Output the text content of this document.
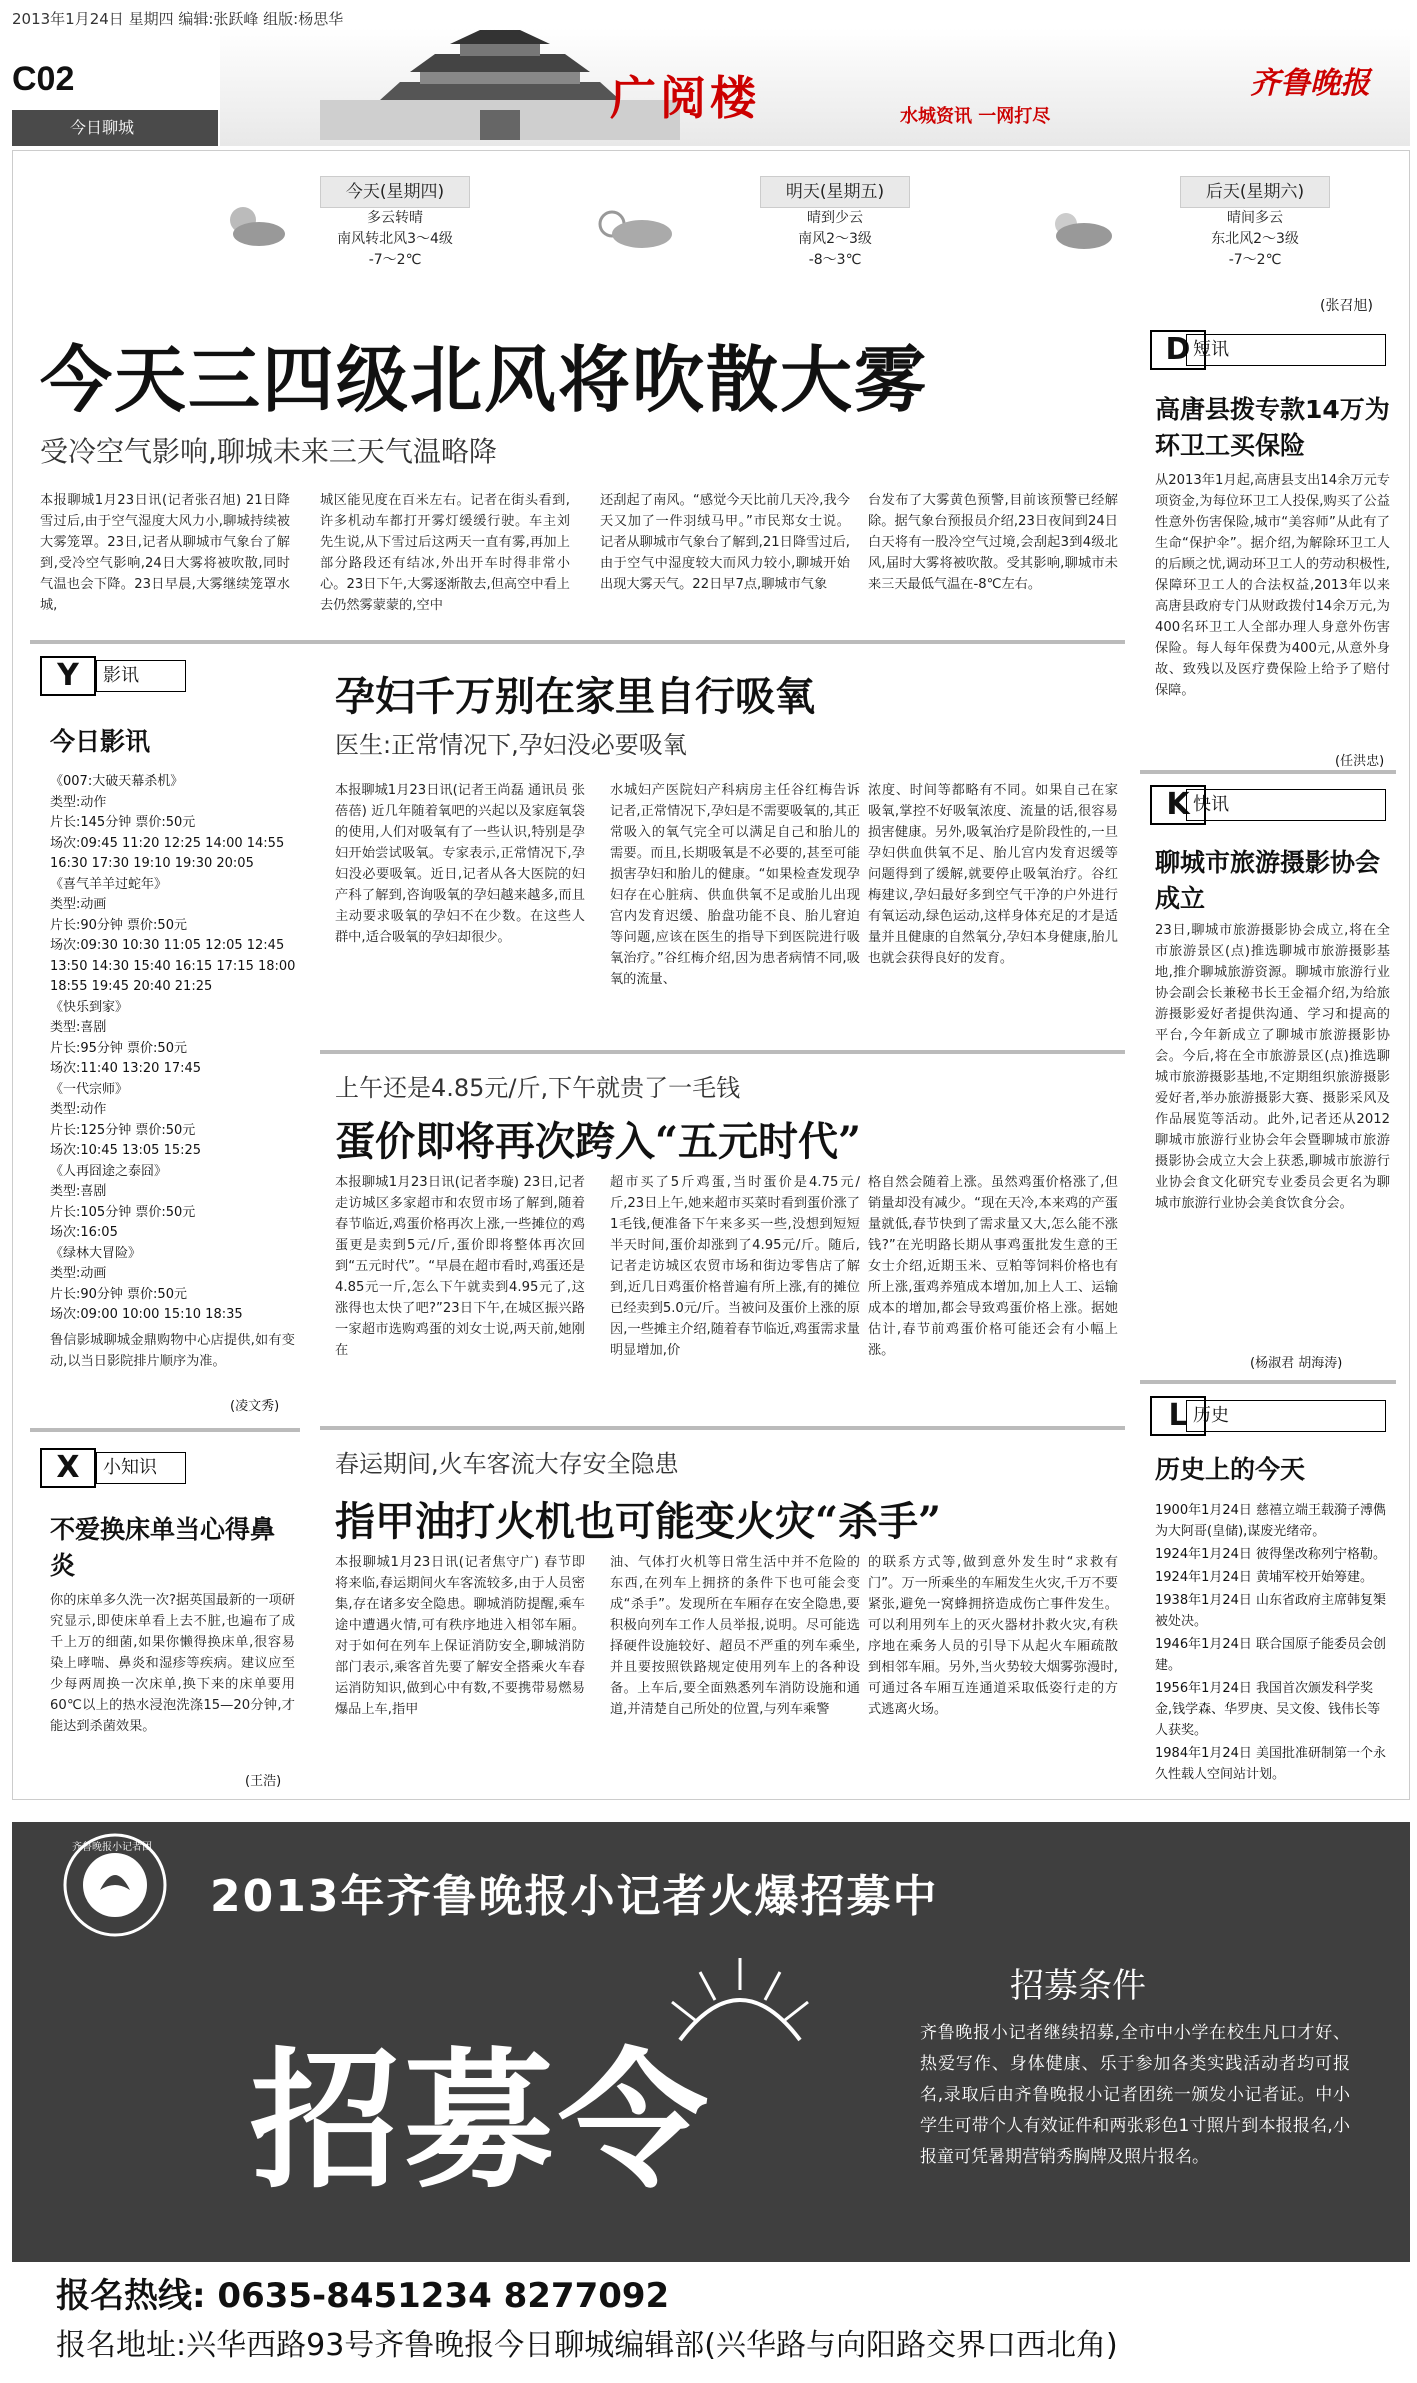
2013年1月24日 星期四 编辑:张跃峰 组版:杨思华
C02
今日聊城
广阅楼	水城资讯 一网打尽
齐鲁晚报
今天(星期四)
多云转晴
南风转北风3～4级
-7～2℃
明天(星期五)
晴到少云
南风2～3级
-8～3℃
后天(星期六)
晴间多云
东北风2～3级
-7～2℃
(张召旭)
今天三四级北风将吹散大雾
受冷空气影响,聊城未来三天气温略降
本报聊城1月23日讯(记者张召旭) 21日降雪过后,由于空气湿度大风力小,聊城持续被大雾笼罩。23日,记者从聊城市气象台了解到,受冷空气影响,24日大雾将被吹散,同时气温也会下降。23日早晨,大雾继续笼罩水城,
城区能见度在百米左右。记者在街头看到,许多机动车都打开雾灯缓缓行驶。车主刘先生说,从下雪过后这两天一直有雾,再加上部分路段还有结冰,外出开车时得非常小心。23日下午,大雾逐渐散去,但高空中看上去仍然雾蒙蒙的,空中
还刮起了南风。“感觉今天比前几天冷,我今天又加了一件羽绒马甲。”市民郑女士说。记者从聊城市气象台了解到,21日降雪过后,由于空气中湿度较大而风力较小,聊城开始出现大雾天气。22日早7点,聊城市气象
台发布了大雾黄色预警,目前该预警已经解除。据气象台预报员介绍,23日夜间到24日白天将有一股冷空气过境,会刮起3到4级北风,届时大雾将被吹散。受其影响,聊城市未来三天最低气温在-8℃左右。
Y	影讯
今日影讯
《007:大破天幕杀机》
类型:动作
片长:145分钟 票价:50元
场次:09:45 11:20 12:25 14:00 14:55
16:30 17:30 19:10 19:30 20:05
《喜气羊羊过蛇年》
类型:动画
片长:90分钟 票价:50元
场次:09:30 10:30 11:05 12:05 12:45
13:50 14:30 15:40 16:15 17:15 18:00
18:55 19:45 20:40 21:25
《快乐到家》
类型:喜剧
片长:95分钟 票价:50元
场次:11:40 13:20 17:45
《一代宗师》
类型:动作
片长:125分钟 票价:50元
场次:10:45 13:05 15:25
《人再囧途之泰囧》
类型:喜剧
片长:105分钟 票价:50元
场次:16:05
《绿林大冒险》
类型:动画
片长:90分钟 票价:50元
场次:09:00 10:00 15:10 18:35
鲁信影城聊城金鼎购物中心店提供,如有变动,以当日影院排片顺序为准。
(凌文秀)
X	小知识
不爱换床单当心得鼻炎
你的床单多久洗一次?据英国最新的一项研究显示,即使床单看上去不脏,也遍布了成千上万的细菌,如果你懒得换床单,很容易染上哮喘、鼻炎和湿疹等疾病。建议应至少每两周换一次床单,换下来的床单要用60℃以上的热水浸泡洗涤15—20分钟,才能达到杀菌效果。
(王浩)
孕妇千万别在家里自行吸氧
医生:正常情况下,孕妇没必要吸氧
本报聊城1月23日讯(记者王尚磊 通讯员 张蓓蓓) 近几年随着氧吧的兴起以及家庭氧袋的使用,人们对吸氧有了一些认识,特别是孕妇开始尝试吸氧。专家表示,正常情况下,孕妇没必要吸氧。近日,记者从各大医院的妇产科了解到,咨询吸氧的孕妇越来越多,而且主动要求吸氧的孕妇不在少数。在这些人群中,适合吸氧的孕妇却很少。
水城妇产医院妇产科病房主任谷红梅告诉记者,正常情况下,孕妇是不需要吸氧的,其正常吸入的氧气完全可以满足自己和胎儿的需要。而且,长期吸氧是不必要的,甚至可能损害孕妇和胎儿的健康。“如果检查发现孕妇存在心脏病、供血供氧不足或胎儿出现宫内发育迟缓、胎盘功能不良、胎儿窘迫等问题,应该在医生的指导下到医院进行吸氧治疗。”谷红梅介绍,因为患者病情不同,吸氧的流量、
浓度、时间等都略有不同。如果自己在家吸氧,掌控不好吸氧浓度、流量的话,很容易损害健康。另外,吸氧治疗是阶段性的,一旦孕妇供血供氧不足、胎儿宫内发育迟缓等问题得到了缓解,就要停止吸氧治疗。谷红梅建议,孕妇最好多到空气干净的户外进行有氧运动,绿色运动,这样身体充足的才是适量并且健康的自然氧分,孕妇本身健康,胎儿也就会获得良好的发育。
上午还是4.85元/斤,下午就贵了一毛钱
蛋价即将再次跨入“五元时代”
本报聊城1月23日讯(记者李璇) 23日,记者走访城区多家超市和农贸市场了解到,随着春节临近,鸡蛋价格再次上涨,一些摊位的鸡蛋更是卖到5元/斤,蛋价即将整体再次回到“五元时代”。“早晨在超市看时,鸡蛋还是4.85元一斤,怎么下午就卖到4.95元了,这涨得也太快了吧?”23日下午,在城区振兴路一家超市选购鸡蛋的刘女士说,两天前,她刚在
超市买了5斤鸡蛋,当时蛋价是4.75元/斤,23日上午,她来超市买菜时看到蛋价涨了1毛钱,便准备下午来多买一些,没想到短短半天时间,蛋价却涨到了4.95元/斤。随后,记者走访城区农贸市场和街边零售店了解到,近几日鸡蛋价格普遍有所上涨,有的摊位已经卖到5.0元/斤。当被问及蛋价上涨的原因,一些摊主介绍,随着春节临近,鸡蛋需求量明显增加,价
格自然会随着上涨。虽然鸡蛋价格涨了,但销量却没有减少。“现在天冷,本来鸡的产蛋量就低,春节快到了需求量又大,怎么能不涨钱?”在光明路长期从事鸡蛋批发生意的王女士介绍,近期玉米、豆粕等饲料价格也有所上涨,蛋鸡养殖成本增加,加上人工、运输成本的增加,都会导致鸡蛋价格上涨。据她估计,春节前鸡蛋价格可能还会有小幅上涨。
春运期间,火车客流大存安全隐患
指甲油打火机也可能变火灾“杀手”
本报聊城1月23日讯(记者焦守广) 春节即将来临,春运期间火车客流较多,由于人员密集,存在诸多安全隐患。聊城消防提醒,乘车途中遭遇火情,可有秩序地进入相邻车厢。对于如何在列车上保证消防安全,聊城消防部门表示,乘客首先要了解安全搭乘火车春运消防知识,做到心中有数,不要携带易燃易爆品上车,指甲
油、气体打火机等日常生活中并不危险的东西,在列车上拥挤的条件下也可能会变成“杀手”。发现所在车厢存在安全隐患,要积极向列车工作人员举报,说明。尽可能选择硬件设施较好、超员不严重的列车乘坐,并且要按照铁路规定使用列车上的各种设备。上车后,要全面熟悉列车消防设施和通道,并清楚自己所处的位置,与列车乘警
的联系方式等,做到意外发生时“求救有门”。万一所乘坐的车厢发生火灾,千万不要紧张,避免一窝蜂拥挤造成伤亡事件发生。可以利用列车上的灭火器材扑救火灾,有秩序地在乘务人员的引导下从起火车厢疏散到相邻车厢。另外,当火势较大烟雾弥漫时,可通过各车厢互连通道采取低姿行走的方式逃离火场。
D 短讯
高唐县拨专款14万为环卫工买保险
从2013年1月起,高唐县支出14余万元专项资金,为每位环卫工人投保,购买了公益性意外伤害保险,城市“美容师”从此有了生命“保护伞”。据介绍,为解除环卫工人的后顾之忧,调动环卫工人的劳动积极性,保障环卫工人的合法权益,2013年以来高唐县政府专门从财政拨付14余万元,为400名环卫工人全部办理人身意外伤害保险。每人每年保费为400元,从意外身故、致残以及医疗费保险上给予了赔付保障。
(任洪忠)
K 快讯
聊城市旅游摄影协会成立
23日,聊城市旅游摄影协会成立,将在全市旅游景区(点)推选聊城市旅游摄影基地,推介聊城旅游资源。聊城市旅游行业协会副会长兼秘书长王金福介绍,为给旅游摄影爱好者提供沟通、学习和提高的平台,今年新成立了聊城市旅游摄影协会。今后,将在全市旅游景区(点)推选聊城市旅游摄影基地,不定期组织旅游摄影爱好者,举办旅游摄影大赛、摄影采风及作品展览等活动。此外,记者还从2012聊城市旅游行业协会年会暨聊城市旅游摄影协会成立大会上获悉,聊城市旅游行业协会食文化研究专业委员会更名为聊城市旅游行业协会美食饮食分会。
(杨淑君 胡海涛)
L 历史
历史上的今天
1900年1月24日 慈禧立端王载漪子溥儁为大阿哥(皇储),谋废光绪帝。
1924年1月24日 彼得堡改称列宁格勒。
1924年1月24日 黄埔军校开始筹建。
1938年1月24日 山东省政府主席韩复榘被处决。
1946年1月24日 联合国原子能委员会创建。
1956年1月24日 我国首次颁发科学奖金,钱学森、华罗庚、吴文俊、钱伟长等人获奖。
1984年1月24日 美国批准研制第一个永久性载人空间站计划。
齐鲁晚报小记者团
2013年齐鲁晚报小记者火爆招募中
招募令
招募条件
齐鲁晚报小记者继续招募,全市中小学在校生凡口才好、热爱写作、身体健康、乐于参加各类实践活动者均可报名,录取后由齐鲁晚报小记者团统一颁发小记者证。中小学生可带个人有效证件和两张彩色1寸照片到本报报名,小报童可凭暑期营销秀胸牌及照片报名。
报名热线: 0635-8451234 8277092
报名地址:兴华西路93号齐鲁晚报今日聊城编辑部(兴华路与向阳路交界口西北角)
